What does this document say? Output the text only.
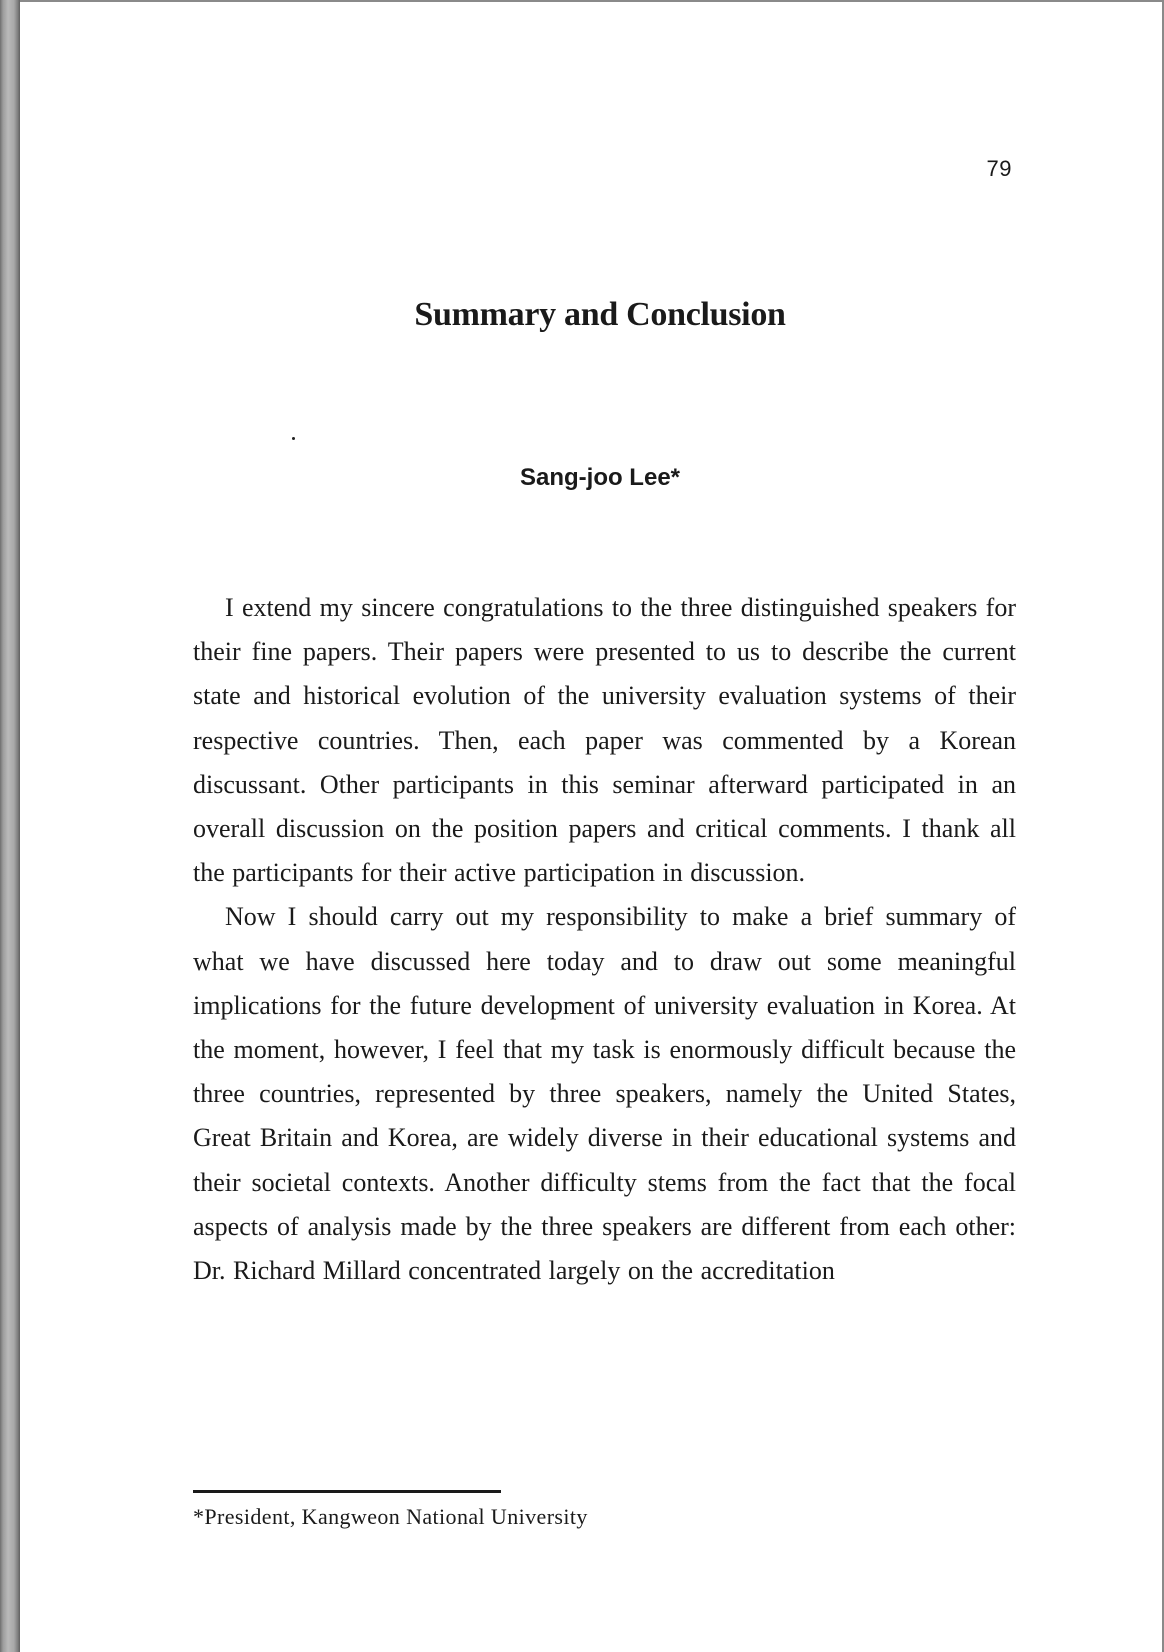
79
Summary and Conclusion
Sang-joo Lee*

I extend my sincere congratulations to the three distinguished speakers for their fine papers. Their papers were presented to us to describe the current state and historical evolution of the university evaluation systems of their respective countries. Then, each paper was commented by a Korean discussant. Other participants in this seminar afterward participated in an overall discussion on the position papers and critical comments. I thank all the participants for their active participation in discussion.

Now I should carry out my responsibility to make a brief summary of what we have discussed here today and to draw out some meaningful implications for the future development of university evaluation in Korea. At the moment, however, I feel that my task is enormously difficult because the three countries, represented by three speakers, namely the United States, Great Britain and Korea, are widely diverse in their educational systems and their societal contexts. Another difficulty stems from the fact that the focal aspects of analysis made by the three speakers are different from each other: Dr. Richard Millard concentrated largely on the accreditation

*President, Kangweon National University
